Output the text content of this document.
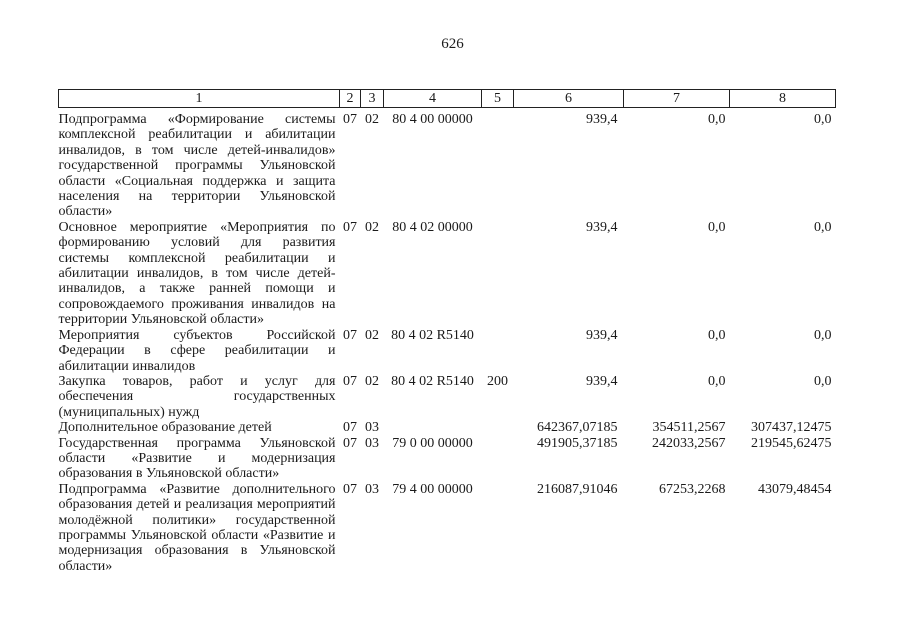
626
1	2	3	4	5	6	7	8

Подпрограмма «Формирование системы комплексной реабилитации и абилитации инвалидов, в том числе детей-инвалидов» государственной программы Ульяновской области «Социальная поддержка и защита населения на территории Ульяновской области»	07	02	80 4 00 00000		939,4	0,0	0,0
Основное мероприятие «Мероприятия по формированию условий для развития системы комплексной реабилитации и абилитации инвалидов, в том числе детей-инвалидов, а также ранней помощи и сопровождаемого проживания инвалидов на территории Ульяновской области»	07	02	80 4 02 00000		939,4	0,0	0,0
Мероприятия субъектов Российской Федерации в сфере реабилитации и абилитации инвалидов	07	02	80 4 02 R5140		939,4	0,0	0,0
Закупка товаров, работ и услуг для обеспечения государственных (муниципальных) нужд	07	02	80 4 02 R5140	200	939,4	0,0	0,0
Дополнительное образование детей	07	03			642367,07185	354511,2567	307437,12475
Государственная программа Ульяновской области «Развитие и модернизация образования в Ульяновской области»	07	03	79 0 00 00000		491905,37185	242033,2567	219545,62475
Подпрограмма «Развитие дополнительного образования детей и реализация мероприятий молодёжной политики» государственной программы Ульяновской области «Развитие и модернизация образования в Ульяновской области»	07	03	79 4 00 00000		216087,91046	67253,2268	43079,48454
